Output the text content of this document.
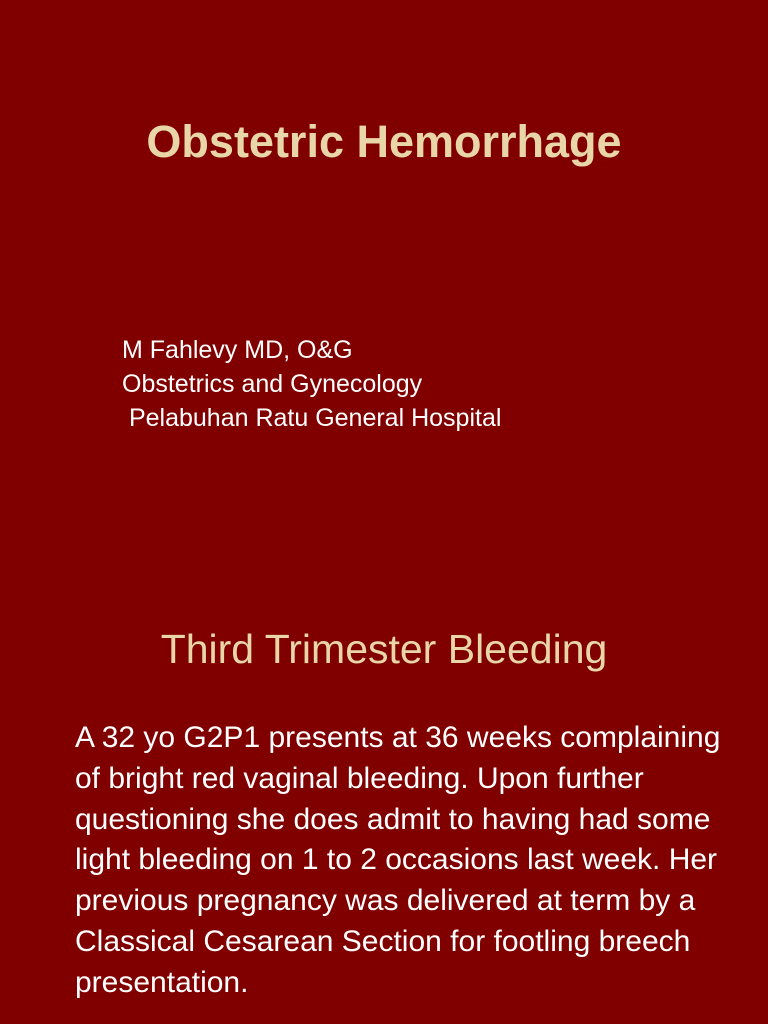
Obstetric Hemorrhage
M Fahlevy MD, O&G
Obstetrics and Gynecology
Pelabuhan Ratu General Hospital
Third Trimester Bleeding
A 32 yo G2P1 presents at 36 weeks complaining of bright red vaginal bleeding. Upon further questioning she does admit to having had some light bleeding on 1 to 2 occasions last week. Her previous pregnancy was delivered at term by a Classical Cesarean Section for footling breech presentation.
